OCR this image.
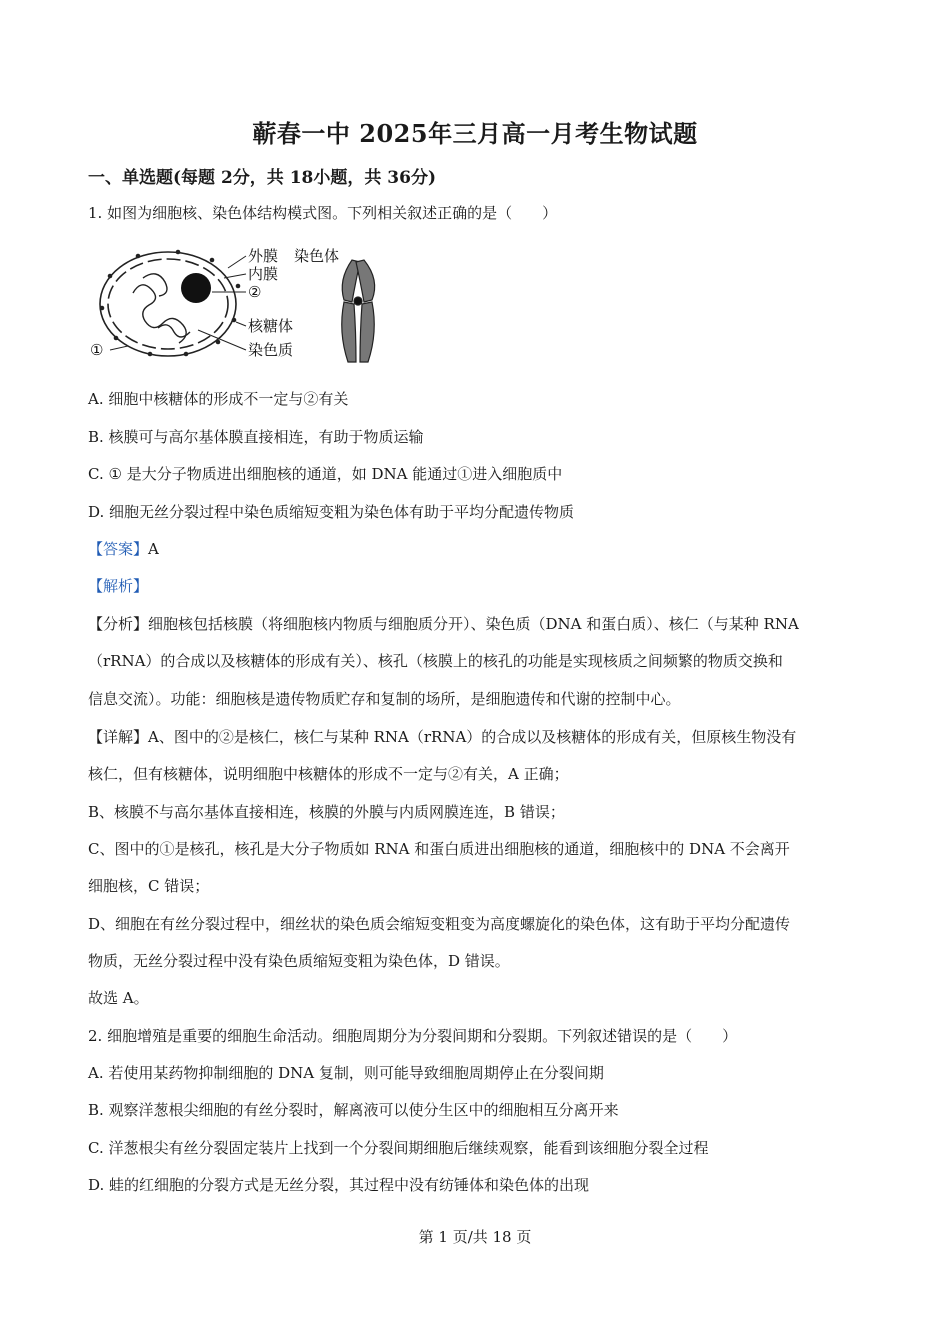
蕲春一中 2025年三月高一月考生物试题
一、单选题(每题 2分，共 18小题，共 36分)
1. 如图为细胞核、染色体结构模式图。下列相关叙述正确的是（　　）
外膜
内膜
②
核糖体
染色质
①
染色体
A. 细胞中核糖体的形成不一定与②有关
B. 核膜可与高尔基体膜直接相连，有助于物质运输
C. ① 是大分子物质进出细胞核的通道，如 DNA 能通过①进入细胞质中
D. 细胞无丝分裂过程中染色质缩短变粗为染色体有助于平均分配遗传物质
【答案】A
【解析】
【分析】细胞核包括核膜（将细胞核内物质与细胞质分开）、染色质（DNA 和蛋白质）、核仁（与某种 RNA
（rRNA）的合成以及核糖体的形成有关）、核孔（核膜上的核孔的功能是实现核质之间频繁的物质交换和
信息交流）。功能：细胞核是遗传物质贮存和复制的场所，是细胞遗传和代谢的控制中心。
【详解】A、图中的②是核仁，核仁与某种 RNA（rRNA）的合成以及核糖体的形成有关，但原核生物没有
核仁，但有核糖体，说明细胞中核糖体的形成不一定与②有关，A 正确；
B、核膜不与高尔基体直接相连，核膜的外膜与内质网膜连连，B 错误；
C、图中的①是核孔，核孔是大分子物质如 RNA 和蛋白质进出细胞核的通道，细胞核中的 DNA 不会离开
细胞核，C 错误；
D、细胞在有丝分裂过程中，细丝状的染色质会缩短变粗变为高度螺旋化的染色体，这有助于平均分配遗传
物质，无丝分裂过程中没有染色质缩短变粗为染色体，D 错误。
故选 A。
2. 细胞增殖是重要的细胞生命活动。细胞周期分为分裂间期和分裂期。下列叙述错误的是（　　）
A. 若使用某药物抑制细胞的 DNA 复制，则可能导致细胞周期停止在分裂间期
B. 观察洋葱根尖细胞的有丝分裂时，解离液可以使分生区中的细胞相互分离开来
C. 洋葱根尖有丝分裂固定装片上找到一个分裂间期细胞后继续观察，能看到该细胞分裂全过程
D. 蛙的红细胞的分裂方式是无丝分裂，其过程中没有纺锤体和染色体的出现
第 1 页/共 18 页
